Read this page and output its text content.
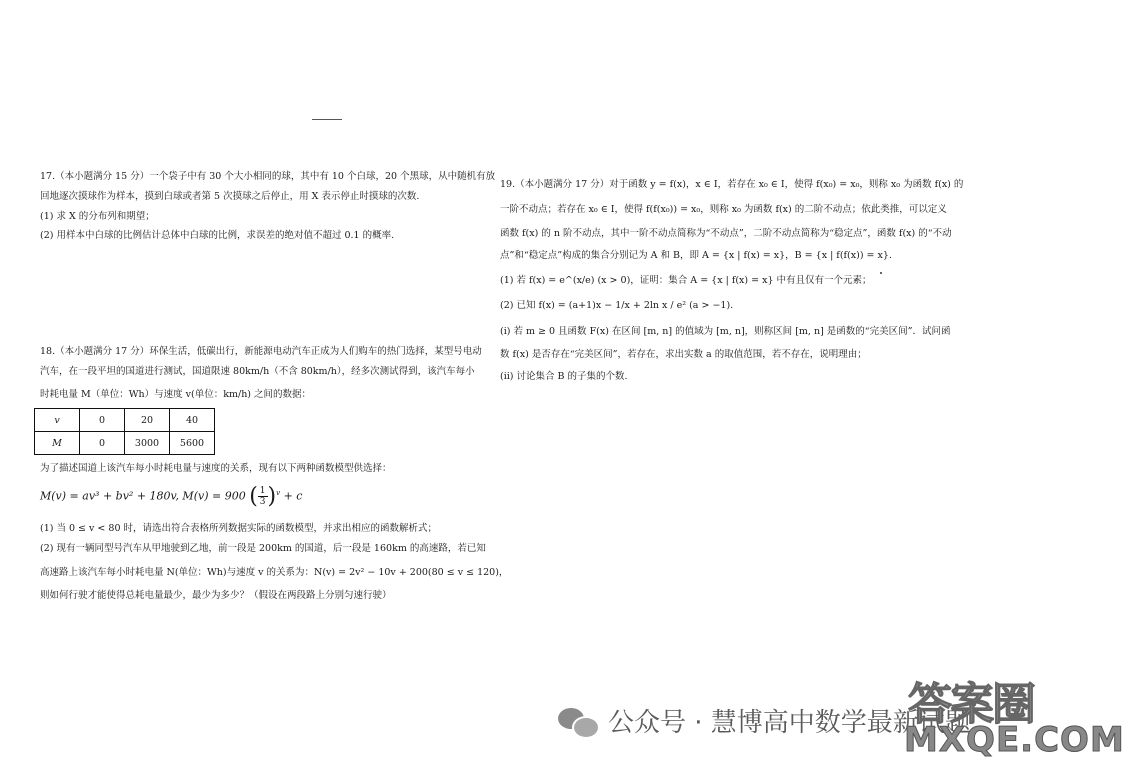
17.（本小题满分 15 分）一个袋子中有 30 个大小相同的球，其中有 10 个白球，20 个黑球，从中随机有放
回地逐次摸球作为样本，摸到白球或者第 5 次摸球之后停止，用 X 表示停止时摸球的次数.
(1) 求 X 的分布列和期望；
(2) 用样本中白球的比例估计总体中白球的比例，求误差的绝对值不超过 0.1 的概率.
18.（本小题满分 17 分）环保生活，低碳出行，新能源电动汽车正成为人们购车的热门选择，某型号电动
汽车，在一段平坦的国道进行测试，国道限速 80km/h（不含 80km/h），经多次测试得到，该汽车每小
时耗电量 M（单位：Wh）与速度 v(单位：km/h) 之间的数据：
v	0	20	40
M	0	3000	5600
为了描述国道上该汽车每小时耗电量与速度的关系，现有以下两种函数模型供选择：
M(v) = av³ + bv² + 180v, M(v) = 900 ( $\frac{1}{3} )^v + c$
(1) 当 0 ≤ v < 80 时，请选出符合表格所列数据实际的函数模型，并求出相应的函数解析式；
(2) 现有一辆同型号汽车从甲地驶到乙地，前一段是 200km 的国道，后一段是 160km 的高速路，若已知
高速路上该汽车每小时耗电量 N(单位：Wh)与速度 v 的关系为：N(v) = 2v² − 10v + 200(80 ≤ v ≤ 120)，
则如何行驶才能使得总耗电量最少，最少为多少？（假设在两段路上分别匀速行驶）
19.（本小题满分 17 分）对于函数 y = f(x)，x ∈ I，若存在 x₀ ∈ I，使得 f(x₀) = x₀，则称 x₀ 为函数 f(x) 的
一阶不动点；若存在 x₀ ∈ I，使得 f(f(x₀)) = x₀，则称 x₀ 为函数 f(x) 的二阶不动点；依此类推，可以定义
函数 f(x) 的 n 阶不动点，其中一阶不动点简称为“不动点”，二阶不动点简称为“稳定点”，函数 f(x) 的“不动
点”和“稳定点”构成的集合分别记为 A 和 B，即 A = {x | f(x) = x}，B = {x | f(f(x)) = x}.
(1) 若 f(x) = e^(x/e) (x > 0)，证明：集合 A = {x | f(x) = x} 中有且仅有一个元素；
(2) 已知 f(x) = (a+1)x − 1/x + 2ln x / e² (a > −1).
(ⅰ) 若 m ≥ 0 且函数 F(x) 在区间 [m, n] 的值域为 [m, n]，则称区间 [m, n] 是函数的“完美区间”．试问函
数 f(x) 是否存在“完美区间”，若存在，求出实数 a 的取值范围，若不存在，说明理由；
(ⅱ) 讨论集合 B 的子集的个数.
公众号 · 慧博高中数学最新试题
答案圈
MXQE.COM
